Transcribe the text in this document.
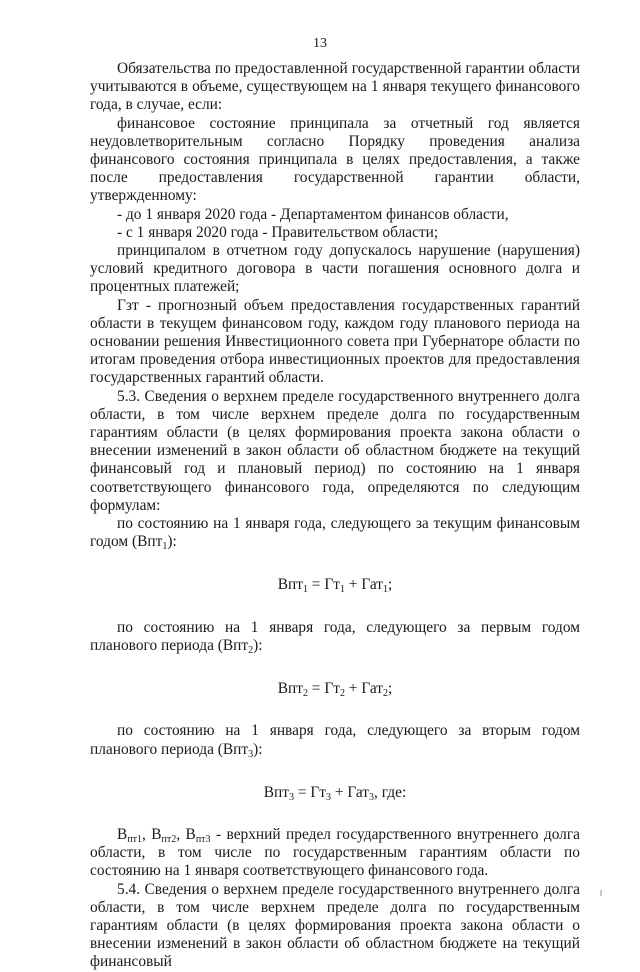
13

Обязательства по предоставленной государственной гарантии области учитываются в объеме, существующем на 1 января текущего финансового года, в случае, если:

финансовое состояние принципала за отчетный год является неудовлетворительным согласно Порядку проведения анализа финансового состояния принципала в целях предоставления, а также после предоставления государственной гарантии области, утвержденному:

- до 1 января 2020 года - Департаментом финансов области,

- с 1 января 2020 года - Правительством области;

принципалом в отчетном году допускалось нарушение (нарушения) условий кредитного договора в части погашения основного долга и процентных платежей;

Гзт - прогнозный объем предоставления государственных гарантий области в текущем финансовом году, каждом году планового периода на основании решения Инвестиционного совета при Губернаторе области по итогам проведения отбора инвестиционных проектов для предоставления государственных гарантий области.

5.3. Сведения о верхнем пределе государственного внутреннего долга области, в том числе верхнем пределе долга по государственным гарантиям области (в целях формирования проекта закона области о внесении изменений в закон области об областном бюджете на текущий финансовый год и плановый период) по состоянию на 1 января соответствующего финансового года, определяются по следующим формулам:

по состоянию на 1 января года, следующего за текущим финансовым годом (Впт$_1$):

$Впт_1 = Гт_1 + Гат_1$;

по состоянию на 1 января года, следующего за первым годом планового периода (Впт$_2$):

$Впт_2 = Гт_2 + Гат_2$;

по состоянию на 1 января года, следующего за вторым годом планового периода (Впт$_3$):

$Впт_3 = Гт_3 + Гат_3$, где:

$В_{пт1}$, $В_{пт2}$, $В_{пт3}$ - верхний предел государственного внутреннего долга области, в том числе по государственным гарантиям области по состоянию на 1 января соответствующего финансового года.

5.4. Сведения о верхнем пределе государственного внутреннего долга области, в том числе верхнем пределе долга по государственным гарантиям области (в целях формирования проекта закона области о внесении изменений в закон области об областном бюджете на текущий финансовый
